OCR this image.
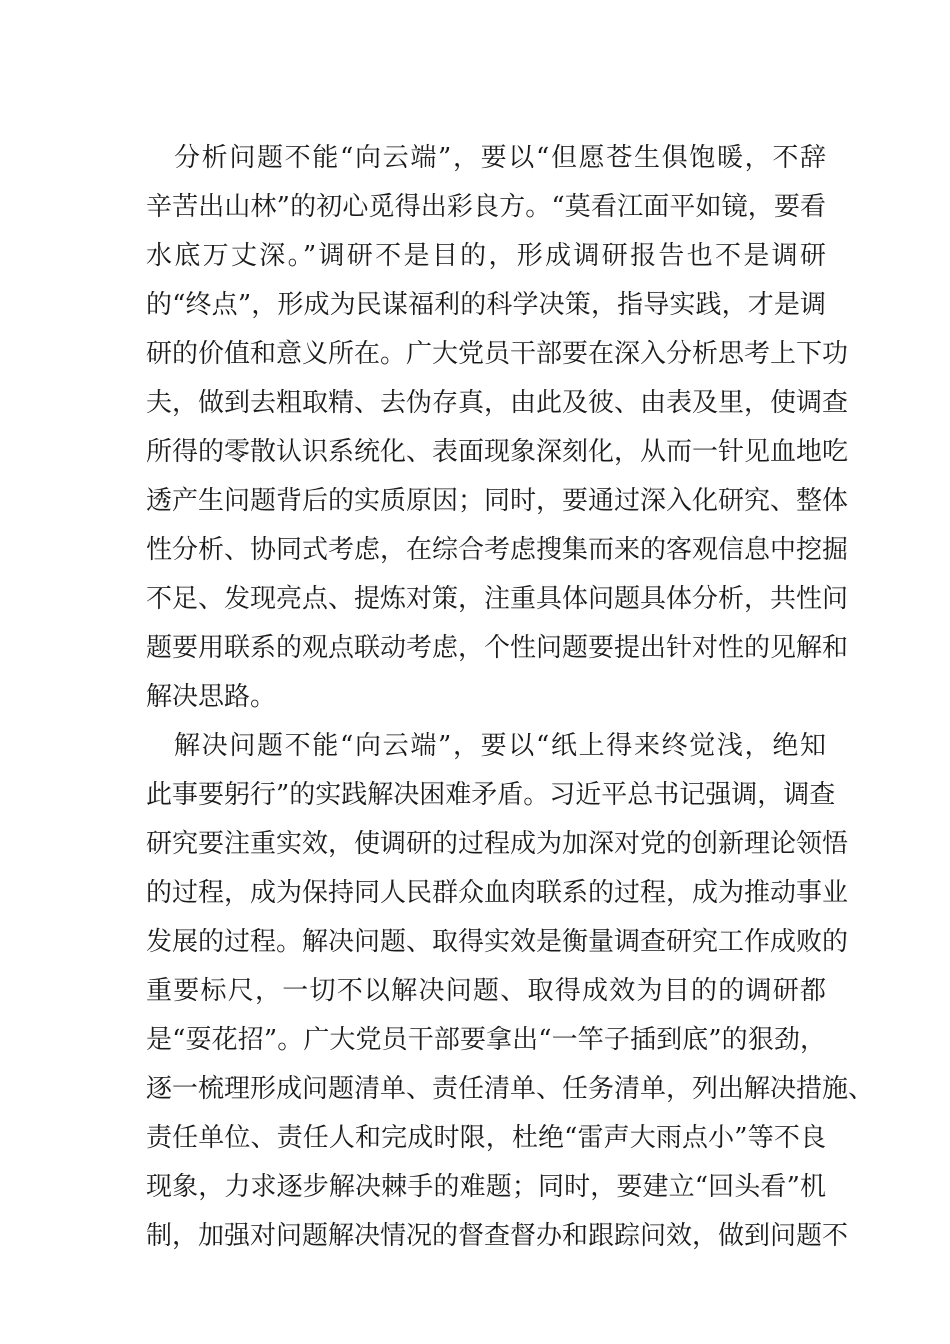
分析问题不能“向云端”，要以“但愿苍生俱饱暖，不辞
辛苦出山林”的初心觅得出彩良方。“莫看江面平如镜，要看
水底万丈深。”调研不是目的，形成调研报告也不是调研
的“终点”，形成为民谋福利的科学决策，指导实践，才是调
研的价值和意义所在。广大党员干部要在深入分析思考上下功
夫，做到去粗取精、去伪存真，由此及彼、由表及里，使调查
所得的零散认识系统化、表面现象深刻化，从而一针见血地吃
透产生问题背后的实质原因；同时，要通过深入化研究、整体
性分析、协同式考虑，在综合考虑搜集而来的客观信息中挖掘
不足、发现亮点、提炼对策，注重具体问题具体分析，共性问
题要用联系的观点联动考虑，个性问题要提出针对性的见解和
解决思路。
解决问题不能“向云端”，要以“纸上得来终觉浅，绝知
此事要躬行”的实践解决困难矛盾。习近平总书记强调，调查
研究要注重实效，使调研的过程成为加深对党的创新理论领悟
的过程，成为保持同人民群众血肉联系的过程，成为推动事业
发展的过程。解决问题、取得实效是衡量调查研究工作成败的
重要标尺，一切不以解决问题、取得成效为目的的调研都
是“耍花招”。广大党员干部要拿出“一竿子插到底”的狠劲，
逐一梳理形成问题清单、责任清单、任务清单，列出解决措施、
责任单位、责任人和完成时限，杜绝“雷声大雨点小”等不良
现象，力求逐步解决棘手的难题；同时，要建立“回头看”机
制，加强对问题解决情况的督查督办和跟踪问效，做到问题不
